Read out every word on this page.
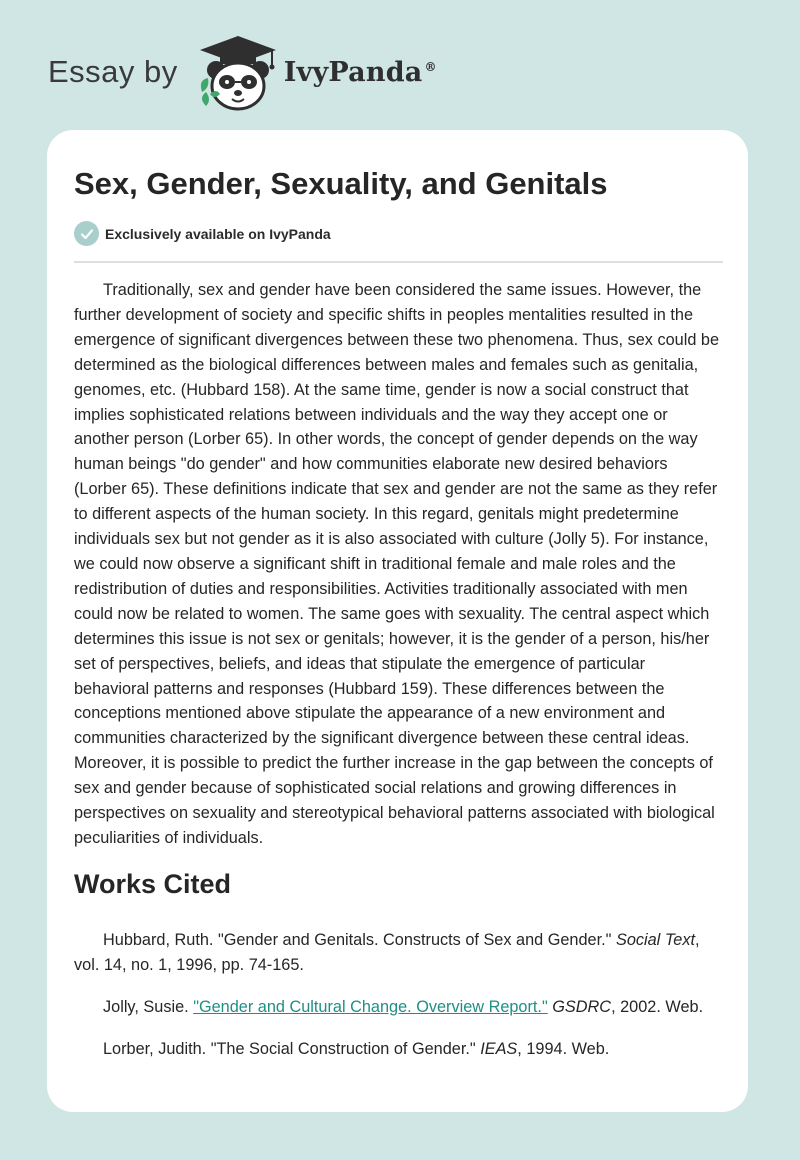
Essay by	IvyPanda ®
Sex, Gender, Sexuality, and Genitals
Exclusively available on IvyPanda

Traditionally, sex and gender have been considered the same issues. However, the further development of society and specific shifts in peoples mentalities resulted in the emergence of significant divergences between these two phenomena. Thus, sex could be determined as the biological differences between males and females such as genitalia, genomes, etc. (Hubbard 158). At the same time, gender is now a social construct that implies sophisticated relations between individuals and the way they accept one or another person (Lorber 65). In other words, the concept of gender depends on the way human beings "do gender" and how communities elaborate new desired behaviors (Lorber 65). These definitions indicate that sex and gender are not the same as they refer to different aspects of the human society. In this regard, genitals might predetermine individuals sex but not gender as it is also associated with culture (Jolly 5). For instance, we could now observe a significant shift in traditional female and male roles and the redistribution of duties and responsibilities. Activities traditionally associated with men could now be related to women. The same goes with sexuality. The central aspect which determines this issue is not sex or genitals; however, it is the gender of a person, his/her set of perspectives, beliefs, and ideas that stipulate the emergence of particular behavioral patterns and responses (Hubbard 159). These differences between the conceptions mentioned above stipulate the appearance of a new environment and communities characterized by the significant divergence between these central ideas. Moreover, it is possible to predict the further increase in the gap between the concepts of sex and gender because of sophisticated social relations and growing differences in perspectives on sexuality and stereotypical behavioral patterns associated with biological peculiarities of individuals.

Works Cited

Hubbard, Ruth. "Gender and Genitals. Constructs of Sex and Gender." Social Text, vol. 14, no. 1, 1996, pp. 74-165.

Jolly, Susie. "Gender and Cultural Change. Overview Report." GSDRC, 2002. Web.

Lorber, Judith. "The Social Construction of Gender." IEAS, 1994. Web.
